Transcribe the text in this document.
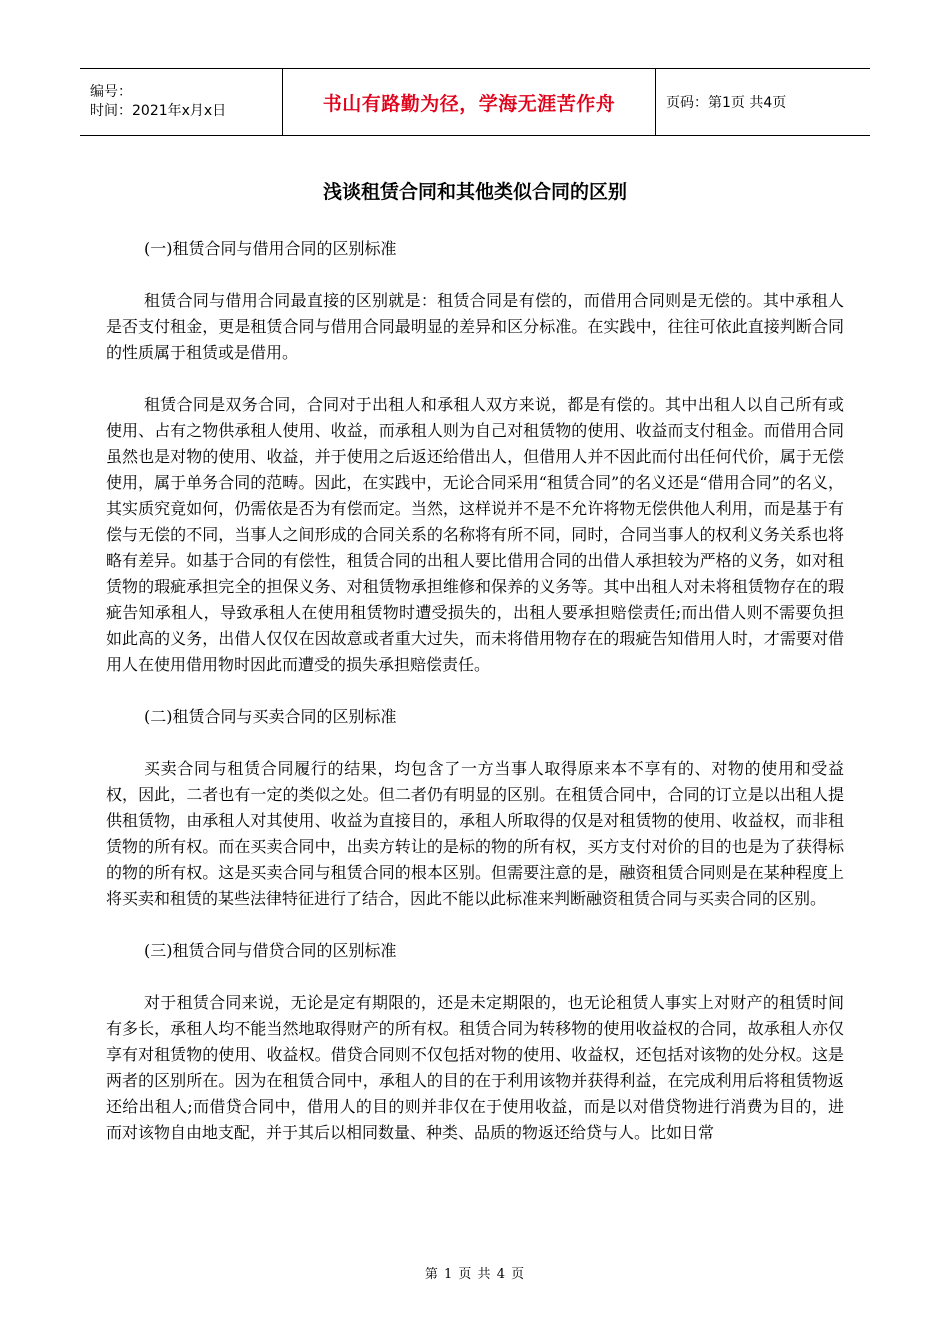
编号：
时间：2021年x月x日	书山有路勤为径，学海无涯苦作舟	页码：第1页 共4页
浅谈租赁合同和其他类似合同的区别

(一)租赁合同与借用合同的区别标准

租赁合同与借用合同最直接的区别就是：租赁合同是有偿的，而借用合同则是无偿的。其中承租人是否支付租金，更是租赁合同与借用合同最明显的差异和区分标准。在实践中，往往可依此直接判断合同的性质属于租赁或是借用。

租赁合同是双务合同，合同对于出租人和承租人双方来说，都是有偿的。其中出租人以自己所有或使用、占有之物供承租人使用、收益，而承租人则为自己对租赁物的使用、收益而支付租金。而借用合同虽然也是对物的使用、收益，并于使用之后返还给借出人，但借用人并不因此而付出任何代价，属于无偿使用，属于单务合同的范畴。因此，在实践中，无论合同采用“租赁合同”的名义还是“借用合同”的名义，其实质究竟如何，仍需依是否为有偿而定。当然，这样说并不是不允许将物无偿供他人利用，而是基于有偿与无偿的不同，当事人之间形成的合同关系的名称将有所不同，同时，合同当事人的权利义务关系也将略有差异。如基于合同的有偿性，租赁合同的出租人要比借用合同的出借人承担较为严格的义务，如对租赁物的瑕疵承担完全的担保义务、对租赁物承担维修和保养的义务等。其中出租人对未将租赁物存在的瑕疵告知承租人，导致承租人在使用租赁物时遭受损失的，出租人要承担赔偿责任;而出借人则不需要负担如此高的义务，出借人仅仅在因故意或者重大过失，而未将借用物存在的瑕疵告知借用人时，才需要对借用人在使用借用物时因此而遭受的损失承担赔偿责任。

(二)租赁合同与买卖合同的区别标准

买卖合同与租赁合同履行的结果，均包含了一方当事人取得原来本不享有的、对物的使用和受益权，因此，二者也有一定的类似之处。但二者仍有明显的区别。在租赁合同中，合同的订立是以出租人提供租赁物，由承租人对其使用、收益为直接目的，承租人所取得的仅是对租赁物的使用、收益权，而非租赁物的所有权。而在买卖合同中，出卖方转让的是标的物的所有权，买方支付对价的目的也是为了获得标的物的所有权。这是买卖合同与租赁合同的根本区别。但需要注意的是，融资租赁合同则是在某种程度上将买卖和租赁的某些法律特征进行了结合，因此不能以此标准来判断融资租赁合同与买卖合同的区别。

(三)租赁合同与借贷合同的区别标准

对于租赁合同来说，无论是定有期限的，还是未定期限的，也无论租赁人事实上对财产的租赁时间有多长，承租人均不能当然地取得财产的所有权。租赁合同为转移物的使用收益权的合同，故承租人亦仅享有对租赁物的使用、收益权。借贷合同则不仅包括对物的使用、收益权，还包括对该物的处分权。这是两者的区别所在。因为在租赁合同中，承租人的目的在于利用该物并获得利益，在完成利用后将租赁物返还给出租人;而借贷合同中，借用人的目的则并非仅在于使用收益，而是以对借贷物进行消费为目的，进而对该物自由地支配，并于其后以相同数量、种类、品质的物返还给贷与人。比如日常

第 1 页 共 4 页
